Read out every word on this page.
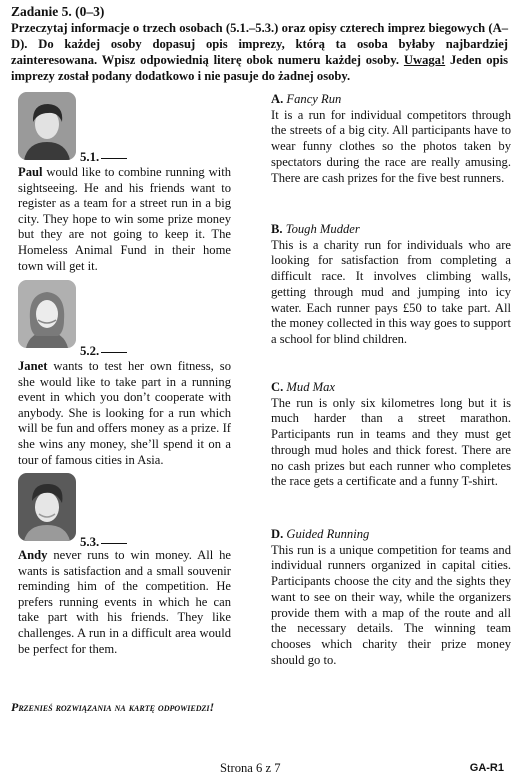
Zadanie 5. (0–3)
Przeczytaj informacje o trzech osobach (5.1.–5.3.) oraz opisy czterech imprez biegowych (A–D). Do każdej osoby dopasuj opis imprezy, którą ta osoba byłaby najbardziej zainteresowana. Wpisz odpowiednią literę obok numeru każdej osoby. Uwaga! Jeden opis imprezy został podany dodatkowo i nie pasuje do żadnej osoby.
5.1.
Paul would like to combine running with sightseeing. He and his friends want to register as a team for a street run in a big city. They hope to win some prize money but they are not going to keep it. The Homeless Animal Fund in their home town will get it.
5.2.
Janet wants to test her own fitness, so she would like to take part in a running event in which you don’t cooperate with anybody. She is looking for a run which will be fun and offers money as a prize. If she wins any money, she’ll spend it on a tour of famous cities in Asia.
5.3.
Andy never runs to win money. All he wants is satisfaction and a small souvenir reminding him of the competition. He prefers running events in which he can take part with his friends. They like challenges. A run in a difficult area would be perfect for them.
A. Fancy Run
It is a run for individual competitors through the streets of a big city. All participants have to wear funny clothes so the photos taken by spectators during the race are really amusing. There are cash prizes for the five best runners.
B. Tough Mudder
This is a charity run for individuals who are looking for satisfaction from completing a difficult race. It involves climbing walls, getting through mud and jumping into icy water. Each runner pays £50 to take part. All the money collected in this way goes to support a school for blind children.
C. Mud Max
The run is only six kilometres long but it is much harder than a street marathon. Participants run in teams and they must get through mud holes and thick forest. There are no cash prizes but each runner who completes the race gets a certificate and a funny T-shirt.
D. Guided Running
This run is a unique competition for teams and individual runners organized in capital cities. Participants choose the city and the sights they want to see on their way, while the organizers provide them with a map of the route and all the necessary details. The winning team chooses which charity their prize money should go to.
Przenieś rozwiązania na kartę odpowiedzi!
Strona 6 z 7	GA-R1
